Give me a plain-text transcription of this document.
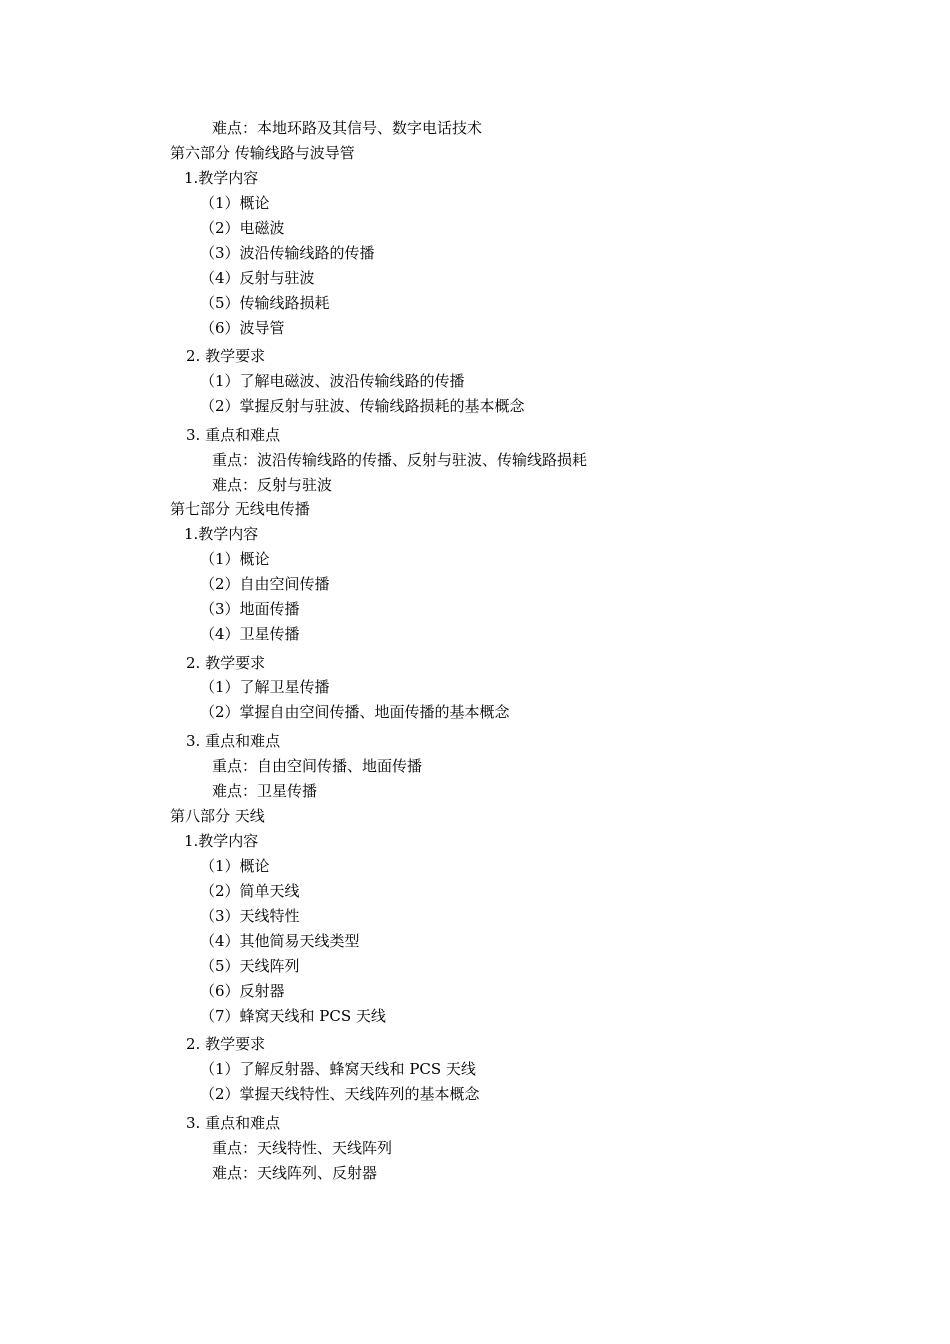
难点：本地环路及其信号、数字电话技术
第六部分 传输线路与波导管
1.教学内容
（1）概论
（2）电磁波
（3）波沿传输线路的传播
（4）反射与驻波
（5）传输线路损耗
（6）波导管
2. 教学要求
（1）了解电磁波、波沿传输线路的传播
（2）掌握反射与驻波、传输线路损耗的基本概念
3. 重点和难点
重点：波沿传输线路的传播、反射与驻波、传输线路损耗
难点：反射与驻波
第七部分 无线电传播
1.教学内容
（1）概论
（2）自由空间传播
（3）地面传播
（4）卫星传播
2. 教学要求
（1）了解卫星传播
（2）掌握自由空间传播、地面传播的基本概念
3. 重点和难点
重点：自由空间传播、地面传播
难点：卫星传播
第八部分 天线
1.教学内容
（1）概论
（2）简单天线
（3）天线特性
（4）其他简易天线类型
（5）天线阵列
（6）反射器
（7）蜂窝天线和 PCS 天线
2. 教学要求
（1）了解反射器、蜂窝天线和 PCS 天线
（2）掌握天线特性、天线阵列的基本概念
3. 重点和难点
重点：天线特性、天线阵列
难点：天线阵列、反射器
